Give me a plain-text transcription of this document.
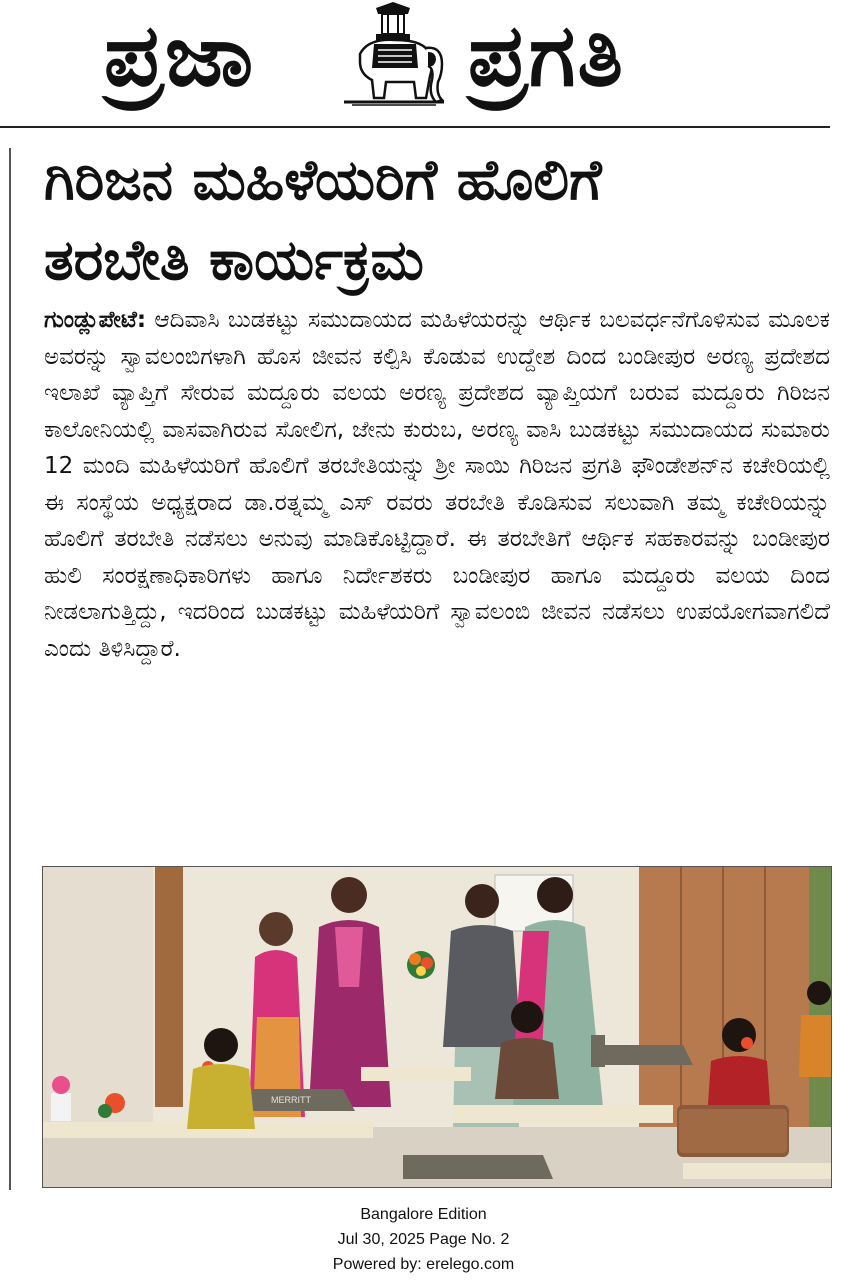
ಪ್ರಜಾ ಪ್ರಗತಿ
ಗಿರಿಜನ ಮಹಿಳೆಯರಿಗೆ ಹೊಲಿಗೆ
ತರಬೇತಿ ಕಾರ್ಯಕ್ರಮ

ಗುಂಡ್ಲುಪೇಟೆ: ಆದಿವಾಸಿ ಬುಡಕಟ್ಟು ಸಮುದಾಯದ ಮಹಿಳೆಯರನ್ನು ಆರ್ಥಿಕ ಬಲವರ್ಧನೆಗೊಳಿಸುವ ಮೂಲಕ ಅವರನ್ನು ಸ್ವಾವಲಂಬಿಗಳಾಗಿ ಹೊಸ ಜೀವನ ಕಲ್ಪಿಸಿ ಕೊಡುವ ಉದ್ದೇಶ ದಿಂದ ಬಂಡೀಪುರ ಅರಣ್ಯ ಪ್ರದೇಶದ ಇಲಾಖೆ ವ್ಯಾಪ್ತಿಗೆ ಸೇರುವ ಮದ್ದೂರು ವಲಯ ಅರಣ್ಯ ಪ್ರದೇಶದ ವ್ಯಾಪ್ತಿಯಗೆ ಬರುವ ಮದ್ದೂರು ಗಿರಿಜನ ಕಾಲೋನಿಯಲ್ಲಿ ವಾಸವಾಗಿರುವ ಸೋಲಿಗ, ಜೇನು ಕುರುಬ, ಅರಣ್ಯ ವಾಸಿ ಬುಡಕಟ್ಟು ಸಮುದಾಯದ ಸುಮಾರು 12 ಮಂದಿ ಮಹಿಳೆಯರಿಗೆ ಹೊಲಿಗೆ ತರಬೇತಿಯನ್ನು ಶ್ರೀ ಸಾಯಿ ಗಿರಿಜನ ಪ್ರಗತಿ ಫೌಂಡೇಶನ್‌ನ ಕಚೇರಿಯಲ್ಲಿ ಈ ಸಂಸ್ಥೆಯ ಅಧ್ಯಕ್ಷರಾದ ಡಾ.ರತ್ನಮ್ಮ ಎಸ್ ರವರು ತರಬೇತಿ ಕೊಡಿಸುವ ಸಲುವಾಗಿ ತಮ್ಮ ಕಚೇರಿಯನ್ನು ಹೊಲಿಗೆ ತರಬೇತಿ ನಡೆಸಲು ಅನುವು ಮಾಡಿಕೊಟ್ಟಿದ್ದಾರೆ. ಈ ತರಬೇತಿಗೆ ಆರ್ಥಿಕ ಸಹಕಾರವನ್ನು ಬಂಡೀಪುರ ಹುಲಿ ಸಂರಕ್ಷಣಾಧಿಕಾರಿಗಳು ಹಾಗೂ ನಿರ್ದೇಶಕರು ಬಂಡೀಪುರ ಹಾಗೂ ಮದ್ದೂರು ವಲಯ ದಿಂದ ನೀಡಲಾಗುತ್ತಿದ್ದು, ಇದರಿಂದ ಬುಡಕಟ್ಟು ಮಹಿಳೆಯರಿಗೆ ಸ್ವಾವಲಂಬಿ ಜೀವನ ನಡೆಸಲು ಉಪಯೋಗವಾಗಲಿದೆ ಎಂದು ತಿಳಿಸಿದ್ದಾರೆ.

MERRITT
Bangalore Edition
Jul 30, 2025 Page No. 2
Powered by: erelego.com
